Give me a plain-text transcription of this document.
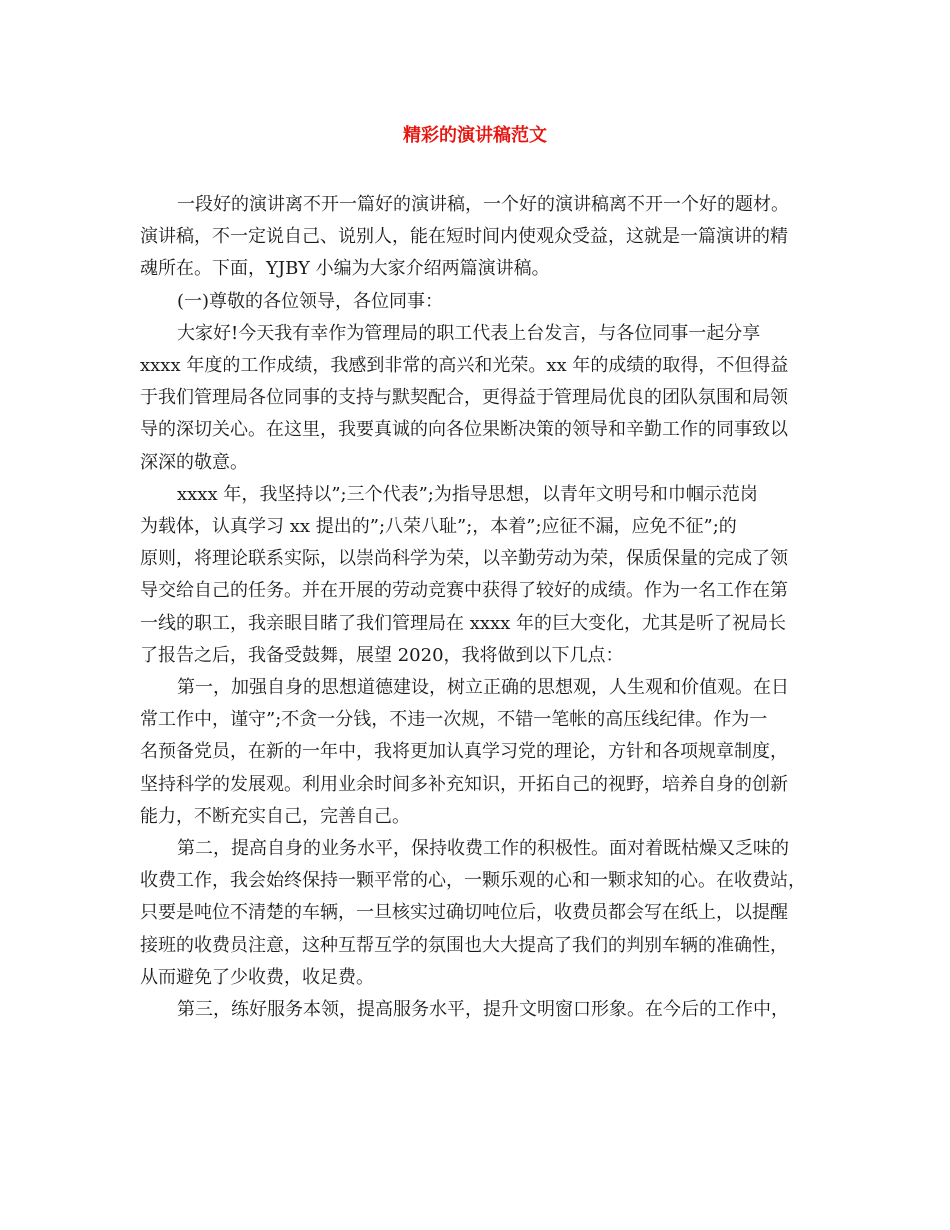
精彩的演讲稿范文

一段好的演讲离不开一篇好的演讲稿，一个好的演讲稿离不开一个好的题材。
演讲稿，不一定说自己、说别人，能在短时间内使观众受益，这就是一篇演讲的精
魂所在。下面，YJBY 小编为大家介绍两篇演讲稿。

(一)尊敬的各位领导，各位同事：

大家好!今天我有幸作为管理局的职工代表上台发言，与各位同事一起分享
xxxx 年度的工作成绩，我感到非常的高兴和光荣。xx 年的成绩的取得，不但得益
于我们管理局各位同事的支持与默契配合，更得益于管理局优良的团队氛围和局领
导的深切关心。在这里，我要真诚的向各位果断决策的领导和辛勤工作的同事致以
深深的敬意。

xxxx 年，我坚持以”;三个代表”;为指导思想，以青年文明号和巾帼示范岗
为载体，认真学习 xx 提出的”;八荣八耻”;，本着”;应征不漏，应免不征”;的
原则，将理论联系实际，以崇尚科学为荣，以辛勤劳动为荣，保质保量的完成了领
导交给自己的任务。并在开展的劳动竞赛中获得了较好的成绩。作为一名工作在第
一线的职工，我亲眼目睹了我们管理局在 xxxx 年的巨大变化，尤其是听了祝局长
了报告之后，我备受鼓舞，展望 2020，我将做到以下几点：

第一，加强自身的思想道德建设，树立正确的思想观，人生观和价值观。在日
常工作中，谨守”;不贪一分钱，不违一次规，不错一笔帐的高压线纪律。作为一
名预备党员，在新的一年中，我将更加认真学习党的理论，方针和各项规章制度，
坚持科学的发展观。利用业余时间多补充知识，开拓自己的视野，培养自身的创新
能力，不断充实自己，完善自己。

第二，提高自身的业务水平，保持收费工作的积极性。面对着既枯燥又乏味的
收费工作，我会始终保持一颗平常的心，一颗乐观的心和一颗求知的心。在收费站，
只要是吨位不清楚的车辆，一旦核实过确切吨位后，收费员都会写在纸上，以提醒
接班的收费员注意，这种互帮互学的氛围也大大提高了我们的判别车辆的准确性，
从而避免了少收费，收足费。

第三，练好服务本领，提高服务水平，提升文明窗口形象。在今后的工作中，
